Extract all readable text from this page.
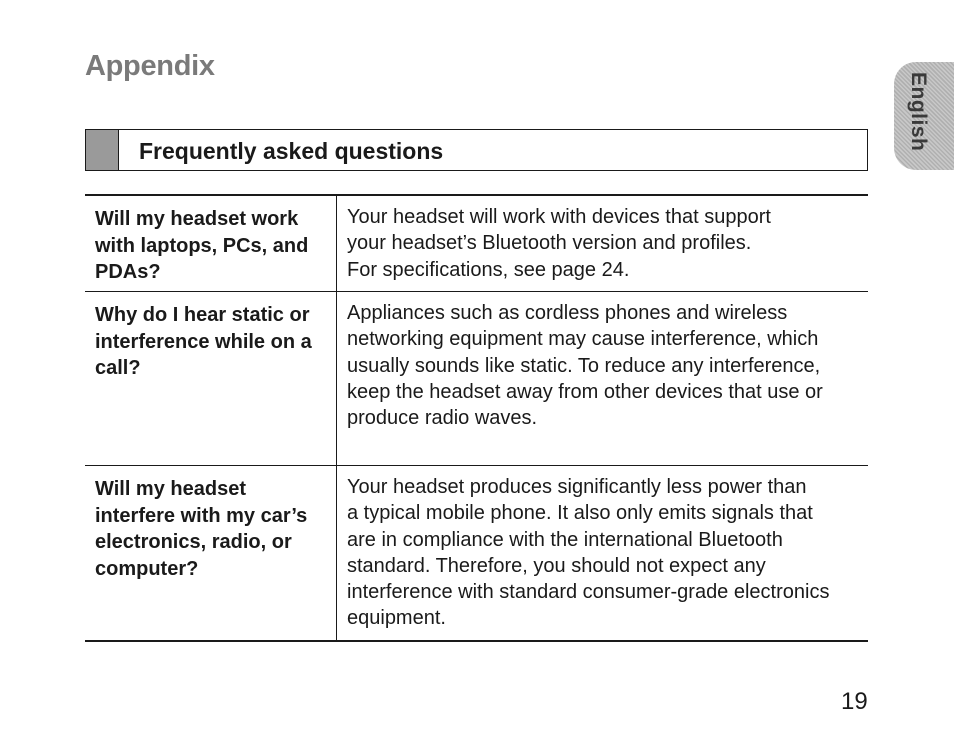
Appendix
English
Frequently asked questions
Will my headset work with laptops, PCs, and PDAs?
Your headset will work with devices that support
your headset’s Bluetooth version and profiles.
For specifications, see page 24.
Why do I hear static or interference while on a call?
Appliances such as cordless phones and wireless
networking equipment may cause interference, which
usually sounds like static. To reduce any interference,
keep the headset away from other devices that use or
produce radio waves.
Will my headset interfere with my car’s electronics, radio, or computer?
Your headset produces significantly less power than
a typical mobile phone. It also only emits signals that
are in compliance with the international Bluetooth
standard. Therefore, you should not expect any
interference with standard consumer-grade electronics
equipment.
19
